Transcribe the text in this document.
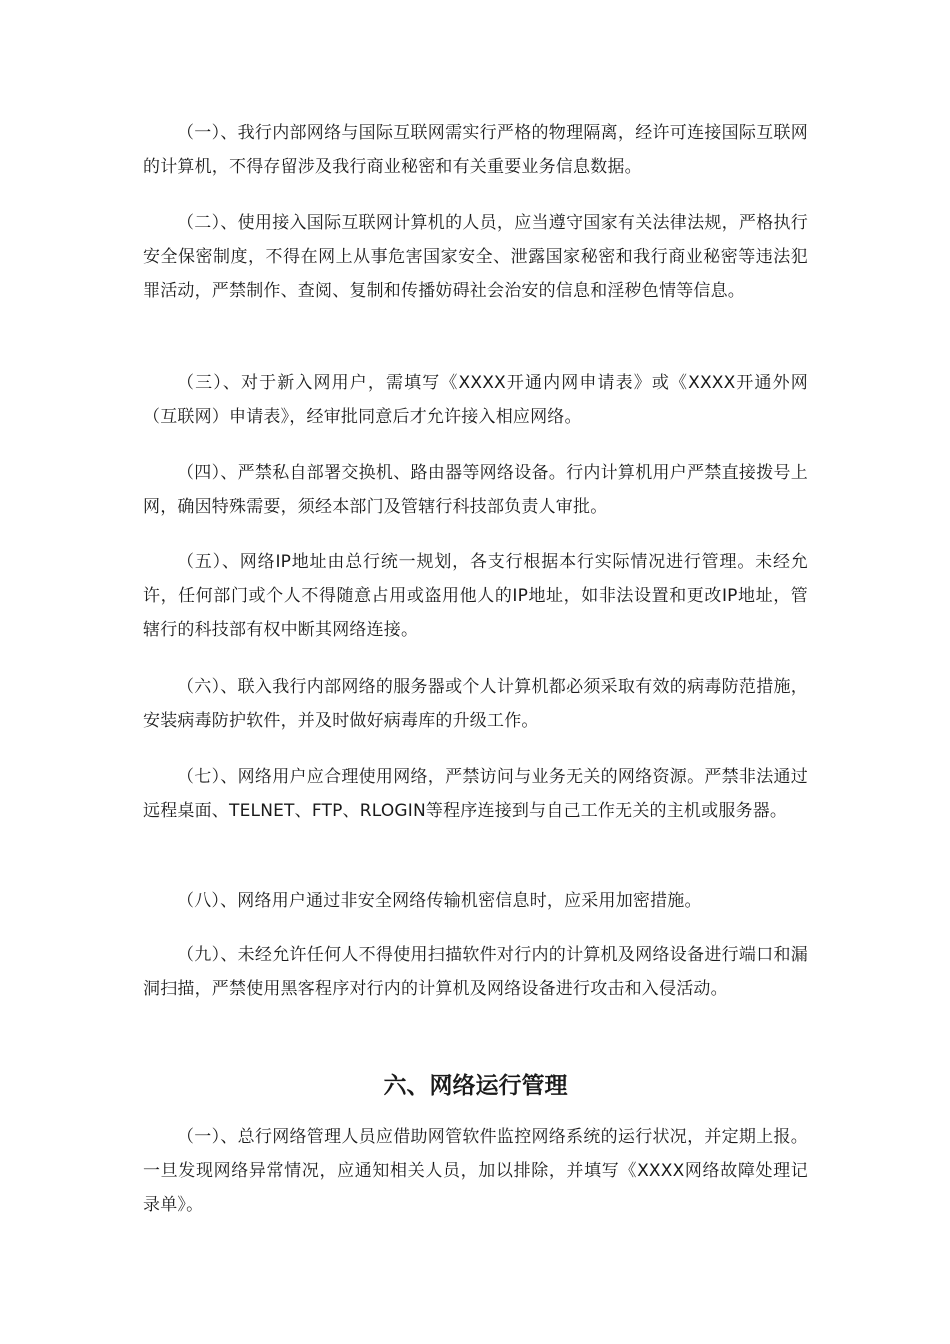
（一）、我行内部网络与国际互联网需实行严格的物理隔离，经许可连接国际互联网的计算机，不得存留涉及我行商业秘密和有关重要业务信息数据。

（二）、使用接入国际互联网计算机的人员，应当遵守国家有关法律法规，严格执行安全保密制度，不得在网上从事危害国家安全、泄露国家秘密和我行商业秘密等违法犯罪活动，严禁制作、查阅、复制和传播妨碍社会治安的信息和淫秽色情等信息。

（三）、对于新入网用户，需填写《XXXX开通内网申请表》或《XXXX开通外网（互联网）申请表》，经审批同意后才允许接入相应网络。

（四）、严禁私自部署交换机、路由器等网络设备。行内计算机用户严禁直接拨号上网，确因特殊需要，须经本部门及管辖行科技部负责人审批。

（五）、网络IP地址由总行统一规划，各支行根据本行实际情况进行管理。未经允许，任何部门或个人不得随意占用或盗用他人的IP地址，如非法设置和更改IP地址，管辖行的科技部有权中断其网络连接。

（六）、联入我行内部网络的服务器或个人计算机都必须采取有效的病毒防范措施，安装病毒防护软件，并及时做好病毒库的升级工作。

（七）、网络用户应合理使用网络，严禁访问与业务无关的网络资源。严禁非法通过远程桌面、TELNET、FTP、RLOGIN等程序连接到与自己工作无关的主机或服务器。

（八）、网络用户通过非安全网络传输机密信息时，应采用加密措施。

（九）、未经允许任何人不得使用扫描软件对行内的计算机及网络设备进行端口和漏洞扫描，严禁使用黑客程序对行内的计算机及网络设备进行攻击和入侵活动。

六、网络运行管理

（一）、总行网络管理人员应借助网管软件监控网络系统的运行状况，并定期上报。一旦发现网络异常情况，应通知相关人员，加以排除，并填写《XXXX网络故障处理记录单》。
